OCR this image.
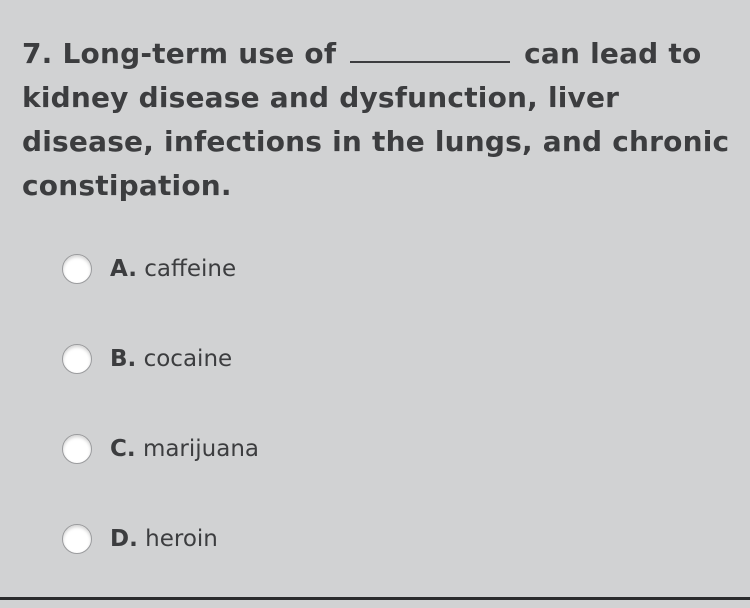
7. Long-term use of	can lead to kidney disease and dysfunction, liver disease, infections in the lungs, and chronic constipation.

A. caffeine
B. cocaine
C. marijuana
D. heroin
